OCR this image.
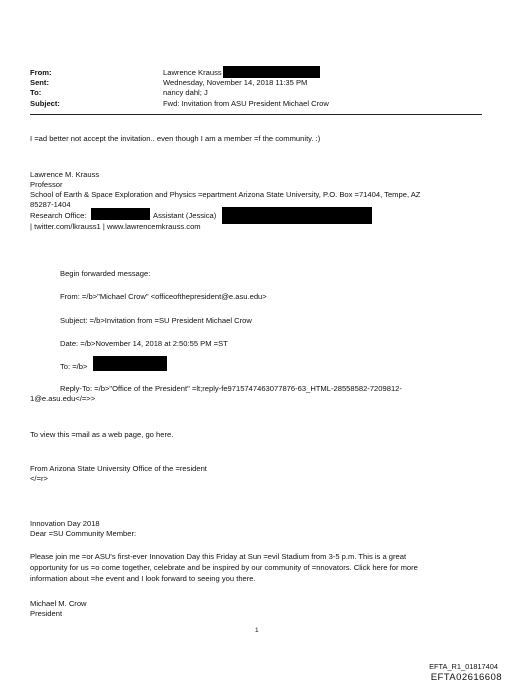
From:	Lawrence Krauss
Sent:	Wednesday, November 14, 2018 11:35 PM
To:	nancy dahl; J
Subject:	Fwd: Invitation from ASU President Michael Crow
I =ad better not accept the invitation.. even though I am a member =f the community. :)
Lawrence M. Krauss
Professor
School of Earth & Space Exploration and Physics =epartment Arizona State University, P.O. Box =71404, Tempe, AZ
85287-1404
Research Office:	Assistant (Jessica)
| twitter.com/lkrauss1 | www.lawrencemkrauss.com
Begin forwarded message:
From: =/b>"Michael Crow" <officeofthepresident@e.asu.edu>
Subject: =/b>Invitation from =SU President Michael Crow
Date: =/b>November 14, 2018 at 2:50:55 PM =ST
To: =/b>
Reply-To: =/b>"Office of the President" =lt;reply-fe9715747463077876-63_HTML-28558582-7209812-
1@e.asu.edu</=>>
To view this =mail as a web page, go here.
From Arizona State University Office of the =resident
</=r>
Innovation Day 2018
Dear =SU Community Member:
Please join me =or ASU's first-ever Innovation Day this Friday at Sun =evil Stadium from 3-5 p.m. This is a great
opportunity for us =o come together, celebrate and be inspired by our community of =nnovators. Click here for more
information about =he event and I look forward to seeing you there.
Michael M. Crow
President
1
EFTA_R1_01817404
EFTA02616608
